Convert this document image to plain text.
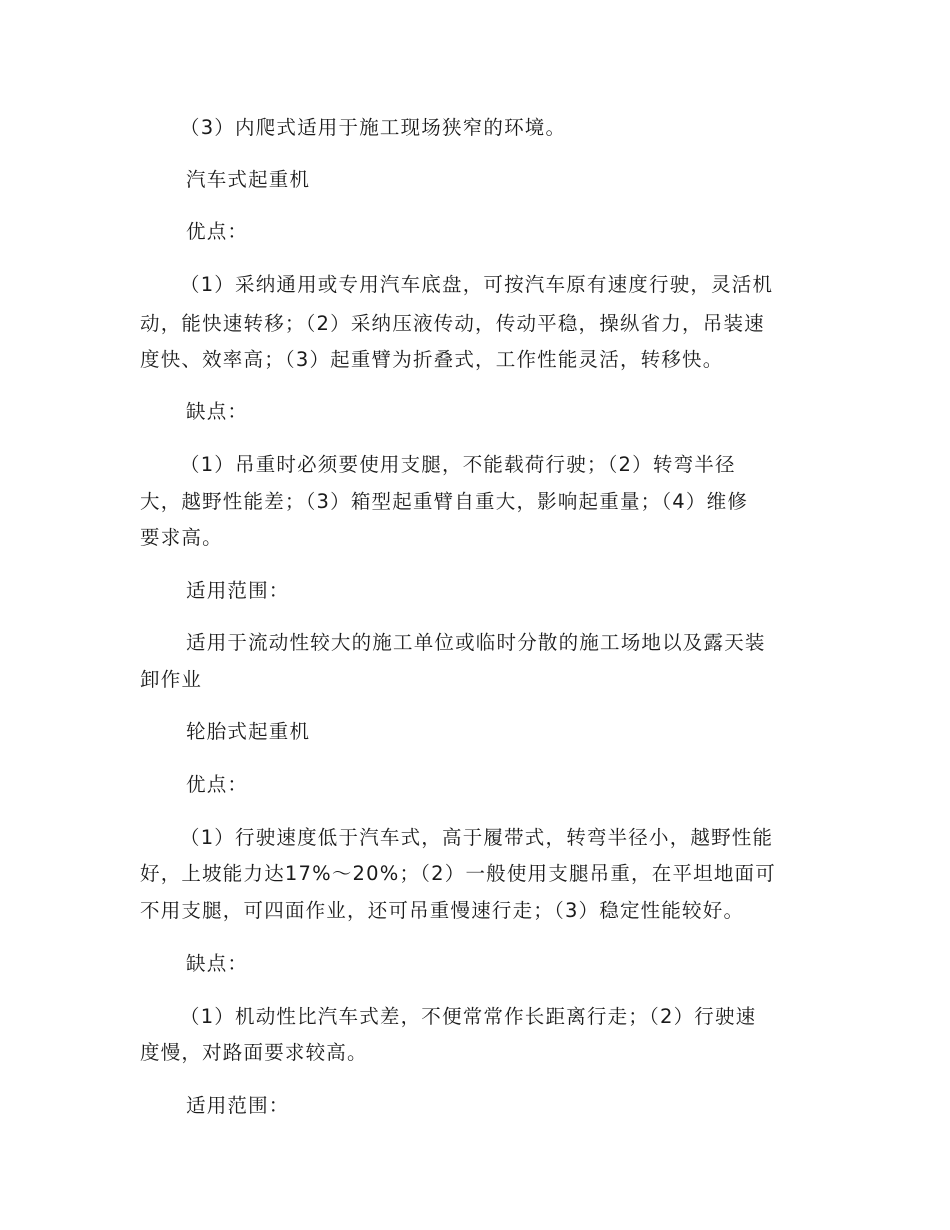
（3）内爬式适用于施工现场狭窄的环境。
汽车式起重机
优点：
（1）采纳通用或专用汽车底盘，可按汽车原有速度行驶，灵活机
动，能快速转移；（2）采纳压液传动，传动平稳，操纵省力，吊装速
度快、效率高；（3）起重臂为折叠式，工作性能灵活，转移快。
缺点：
（1）吊重时必须要使用支腿，不能载荷行驶；（2）转弯半径
大，越野性能差；（3）箱型起重臂自重大，影响起重量；（4）维修
要求高。
适用范围：
适用于流动性较大的施工单位或临时分散的施工场地以及露天装
卸作业
轮胎式起重机
优点：
（1）行驶速度低于汽车式，高于履带式，转弯半径小，越野性能
好，上坡能力达17%～20%；（2）一般使用支腿吊重，在平坦地面可
不用支腿，可四面作业，还可吊重慢速行走；（3）稳定性能较好。
缺点：
（1）机动性比汽车式差，不便常常作长距离行走；（2）行驶速
度慢，对路面要求较高。
适用范围：
